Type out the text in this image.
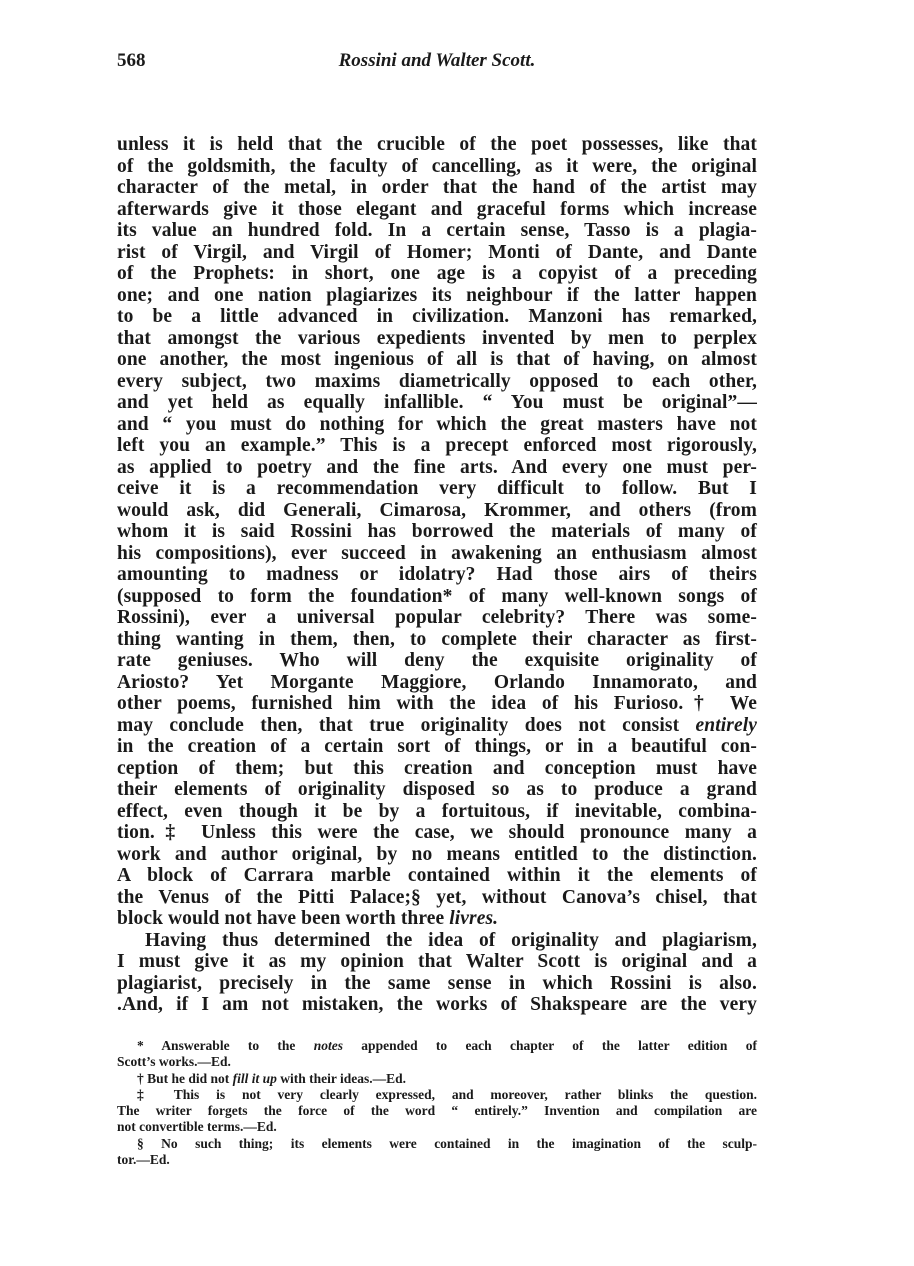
568	Rossini and Walter Scott.
unless it is held that the crucible of the poet possesses, like that
of the goldsmith, the faculty of cancelling, as it were, the original
character of the metal, in order that the hand of the artist may
afterwards give it those elegant and graceful forms which increase
its value an hundred fold. In a certain sense, Tasso is a plagia-
rist of Virgil, and Virgil of Homer; Monti of Dante, and Dante
of the Prophets: in short, one age is a copyist of a preceding
one; and one nation plagiarizes its neighbour if the latter happen
to be a little advanced in civilization. Manzoni has remarked,
that amongst the various expedients invented by men to perplex
one another, the most ingenious of all is that of having, on almost
every subject, two maxims diametrically opposed to each other,
and yet held as equally infallible. “ You must be original”—
and “ you must do nothing for which the great masters have not
left you an example.” This is a precept enforced most rigorously,
as applied to poetry and the fine arts. And every one must per-
ceive it is a recommendation very difficult to follow. But I
would ask, did Generali, Cimarosa, Krommer, and others (from
whom it is said Rossini has borrowed the materials of many of
his compositions), ever succeed in awakening an enthusiasm almost
amounting to madness or idolatry? Had those airs of theirs
(supposed to form the foundation* of many well-known songs of
Rossini), ever a universal popular celebrity? There was some-
thing wanting in them, then, to complete their character as first-
rate geniuses. Who will deny the exquisite originality of
Ariosto? Yet Morgante Maggiore, Orlando Innamorato, and
other poems, furnished him with the idea of his Furioso.† We
may conclude then, that true originality does not consist entirely
in the creation of a certain sort of things, or in a beautiful con-
ception of them; but this creation and conception must have
their elements of originality disposed so as to produce a grand
effect, even though it be by a fortuitous, if inevitable, combina-
tion.‡ Unless this were the case, we should pronounce many a
work and author original, by no means entitled to the distinction.
A block of Carrara marble contained within it the elements of
the Venus of the Pitti Palace;§ yet, without Canova’s chisel, that
block would not have been worth three livres.
Having thus determined the idea of originality and plagiarism,
I must give it as my opinion that Walter Scott is original and a
plagiarist, precisely in the same sense in which Rossini is also.
.And, if I am not mistaken, the works of Shakspeare are the very
* Answerable to the notes appended to each chapter of the latter edition of
Scott’s works.—Ed.
† But he did not fill it up with their ideas.—Ed.
‡ This is not very clearly expressed, and moreover, rather blinks the question.
The writer forgets the force of the word “ entirely.” Invention and compilation are
not convertible terms.—Ed.
§ No such thing; its elements were contained in the imagination of the sculp-
tor.—Ed.
